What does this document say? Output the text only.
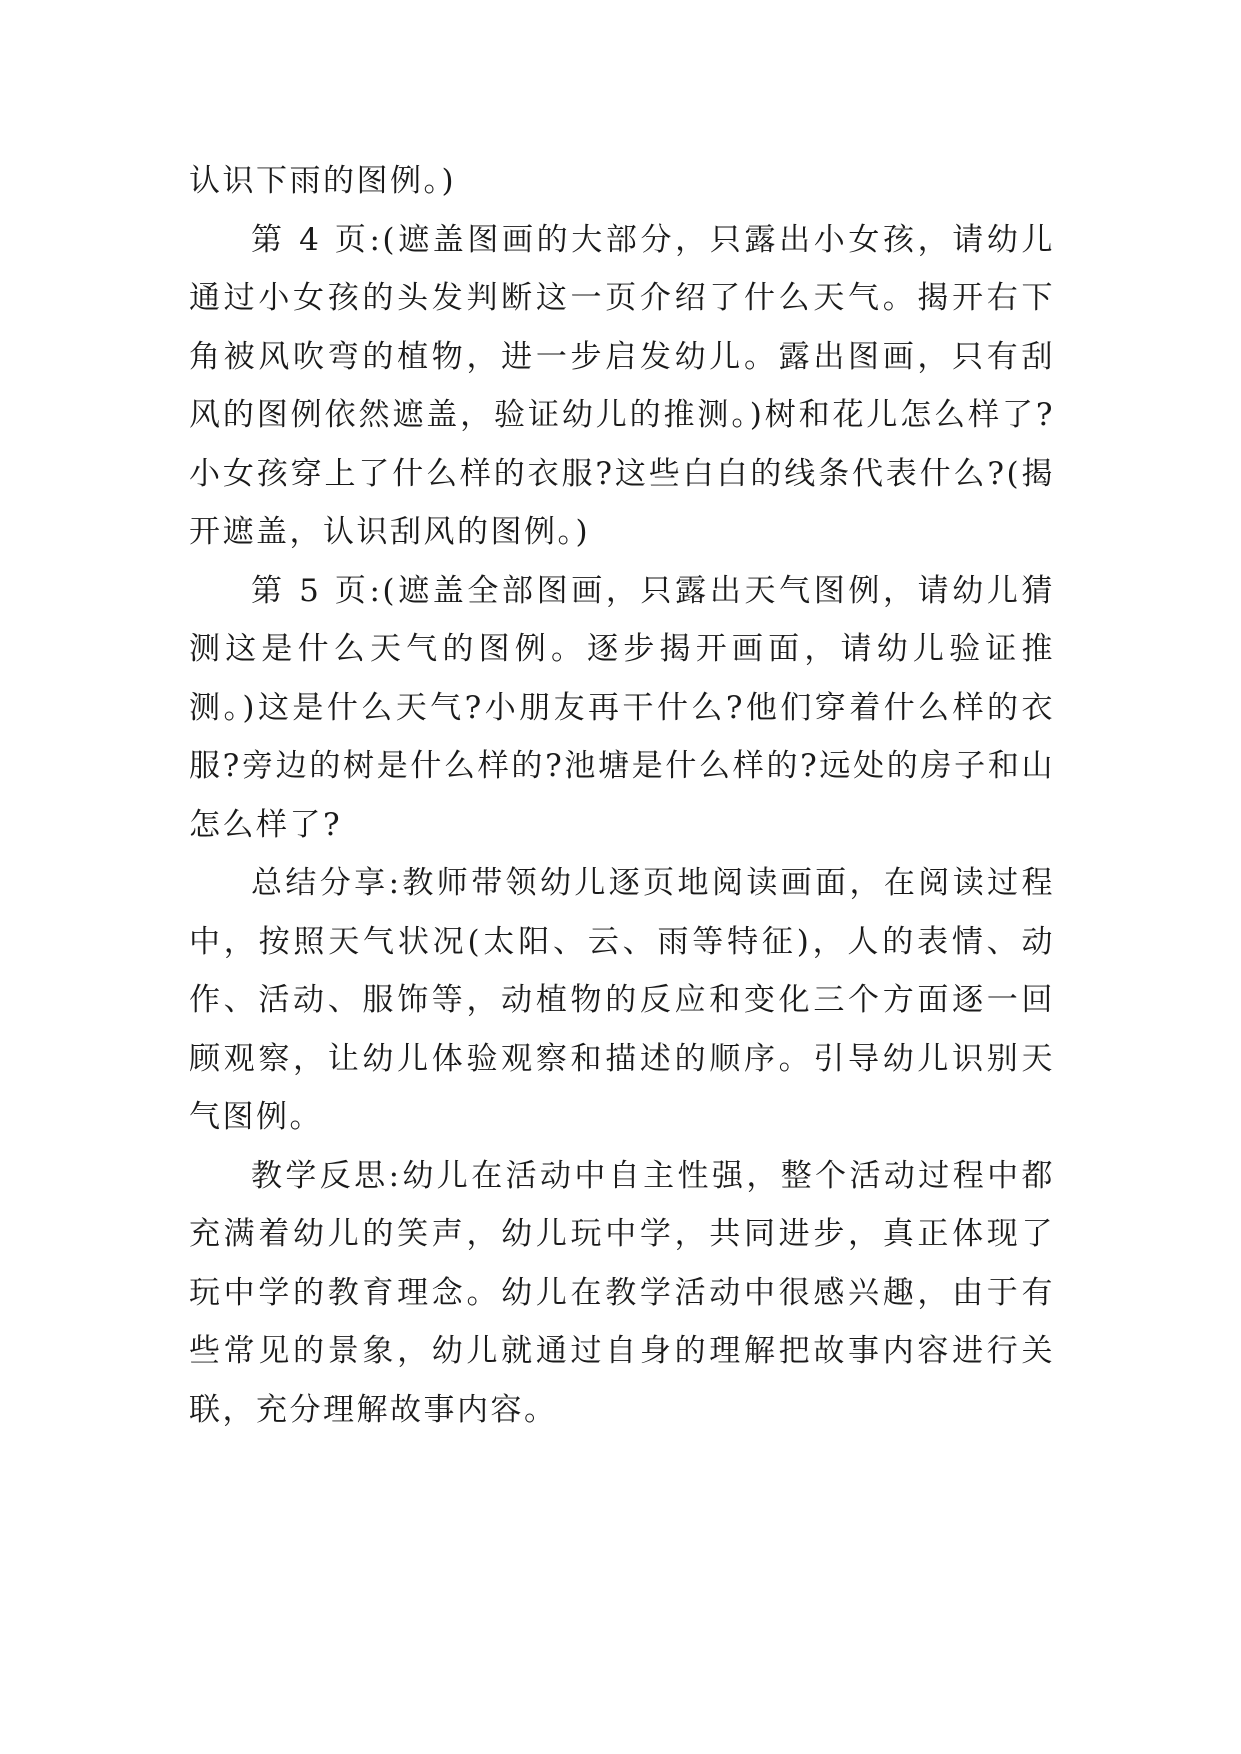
认识下雨的图例。)

第 4 页:(遮盖图画的大部分，只露出小女孩，请幼儿通过小女孩的头发判断这一页介绍了什么天气。揭开右下角被风吹弯的植物，进一步启发幼儿。露出图画，只有刮风的图例依然遮盖，验证幼儿的推测。)树和花儿怎么样了?小女孩穿上了什么样的衣服?这些白白的线条代表什么?(揭开遮盖，认识刮风的图例。)

第 5 页:(遮盖全部图画，只露出天气图例，请幼儿猜测这是什么天气的图例。逐步揭开画面，请幼儿验证推测。)这是什么天气?小朋友再干什么?他们穿着什么样的衣服?旁边的树是什么样的?池塘是什么样的?远处的房子和山怎么样了?

总结分享:教师带领幼儿逐页地阅读画面，在阅读过程中，按照天气状况(太阳、云、雨等特征)，人的表情、动作、活动、服饰等，动植物的反应和变化三个方面逐一回顾观察，让幼儿体验观察和描述的顺序。引导幼儿识别天气图例。

教学反思:幼儿在活动中自主性强，整个活动过程中都充满着幼儿的笑声，幼儿玩中学，共同进步，真正体现了玩中学的教育理念。幼儿在教学活动中很感兴趣，由于有些常见的景象，幼儿就通过自身的理解把故事内容进行关联，充分理解故事内容。
